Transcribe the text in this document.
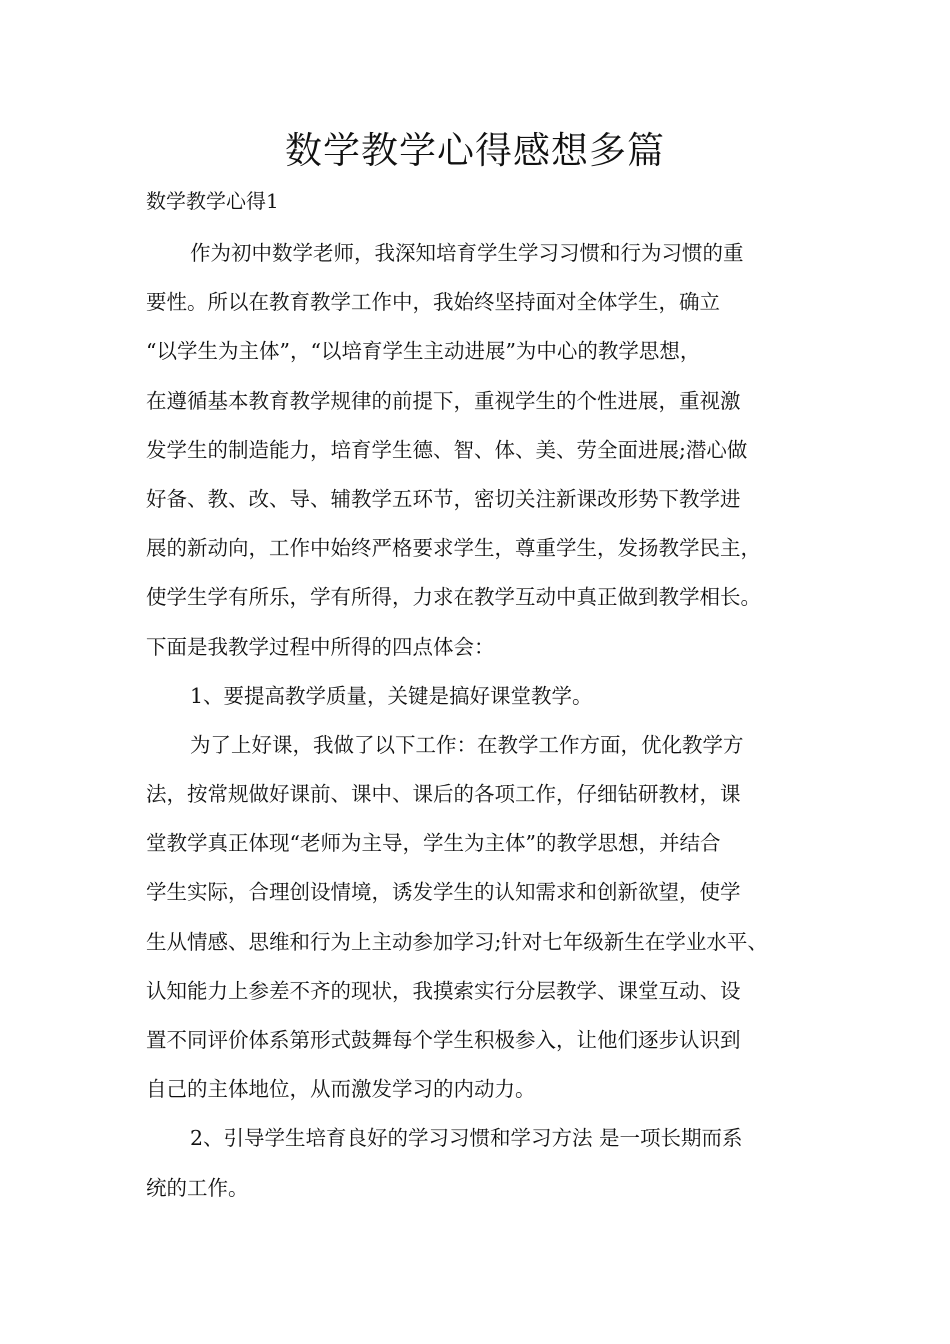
数学教学心得感想多篇

数学教学心得1

作为初中数学老师，我深知培育学生学习习惯和行为习惯的重
要性。所以在教育教学工作中，我始终坚持面对全体学生，确立
“以学生为主体”，“以培育学生主动进展”为中心的教学思想，
在遵循基本教育教学规律的前提下，重视学生的个性进展，重视激
发学生的制造能力，培育学生德、智、体、美、劳全面进展;潜心做
好备、教、改、导、辅教学五环节，密切关注新课改形势下教学进
展的新动向，工作中始终严格要求学生，尊重学生，发扬教学民主，
使学生学有所乐，学有所得，力求在教学互动中真正做到教学相长。
下面是我教学过程中所得的四点体会：
1、要提高教学质量，关键是搞好课堂教学。
为了上好课，我做了以下工作：在教学工作方面，优化教学方
法，按常规做好课前、课中、课后的各项工作，仔细钻研教材，课
堂教学真正体现“老师为主导，学生为主体”的教学思想，并结合
学生实际，合理创设情境，诱发学生的认知需求和创新欲望，使学
生从情感、思维和行为上主动参加学习;针对七年级新生在学业水平、
认知能力上参差不齐的现状，我摸索实行分层教学、课堂互动、设
置不同评价体系第形式鼓舞每个学生积极参入，让他们逐步认识到
自己的主体地位，从而激发学习的内动力。
2、引导学生培育良好的学习习惯和学习方法 是一项长期而系
统的工作。
